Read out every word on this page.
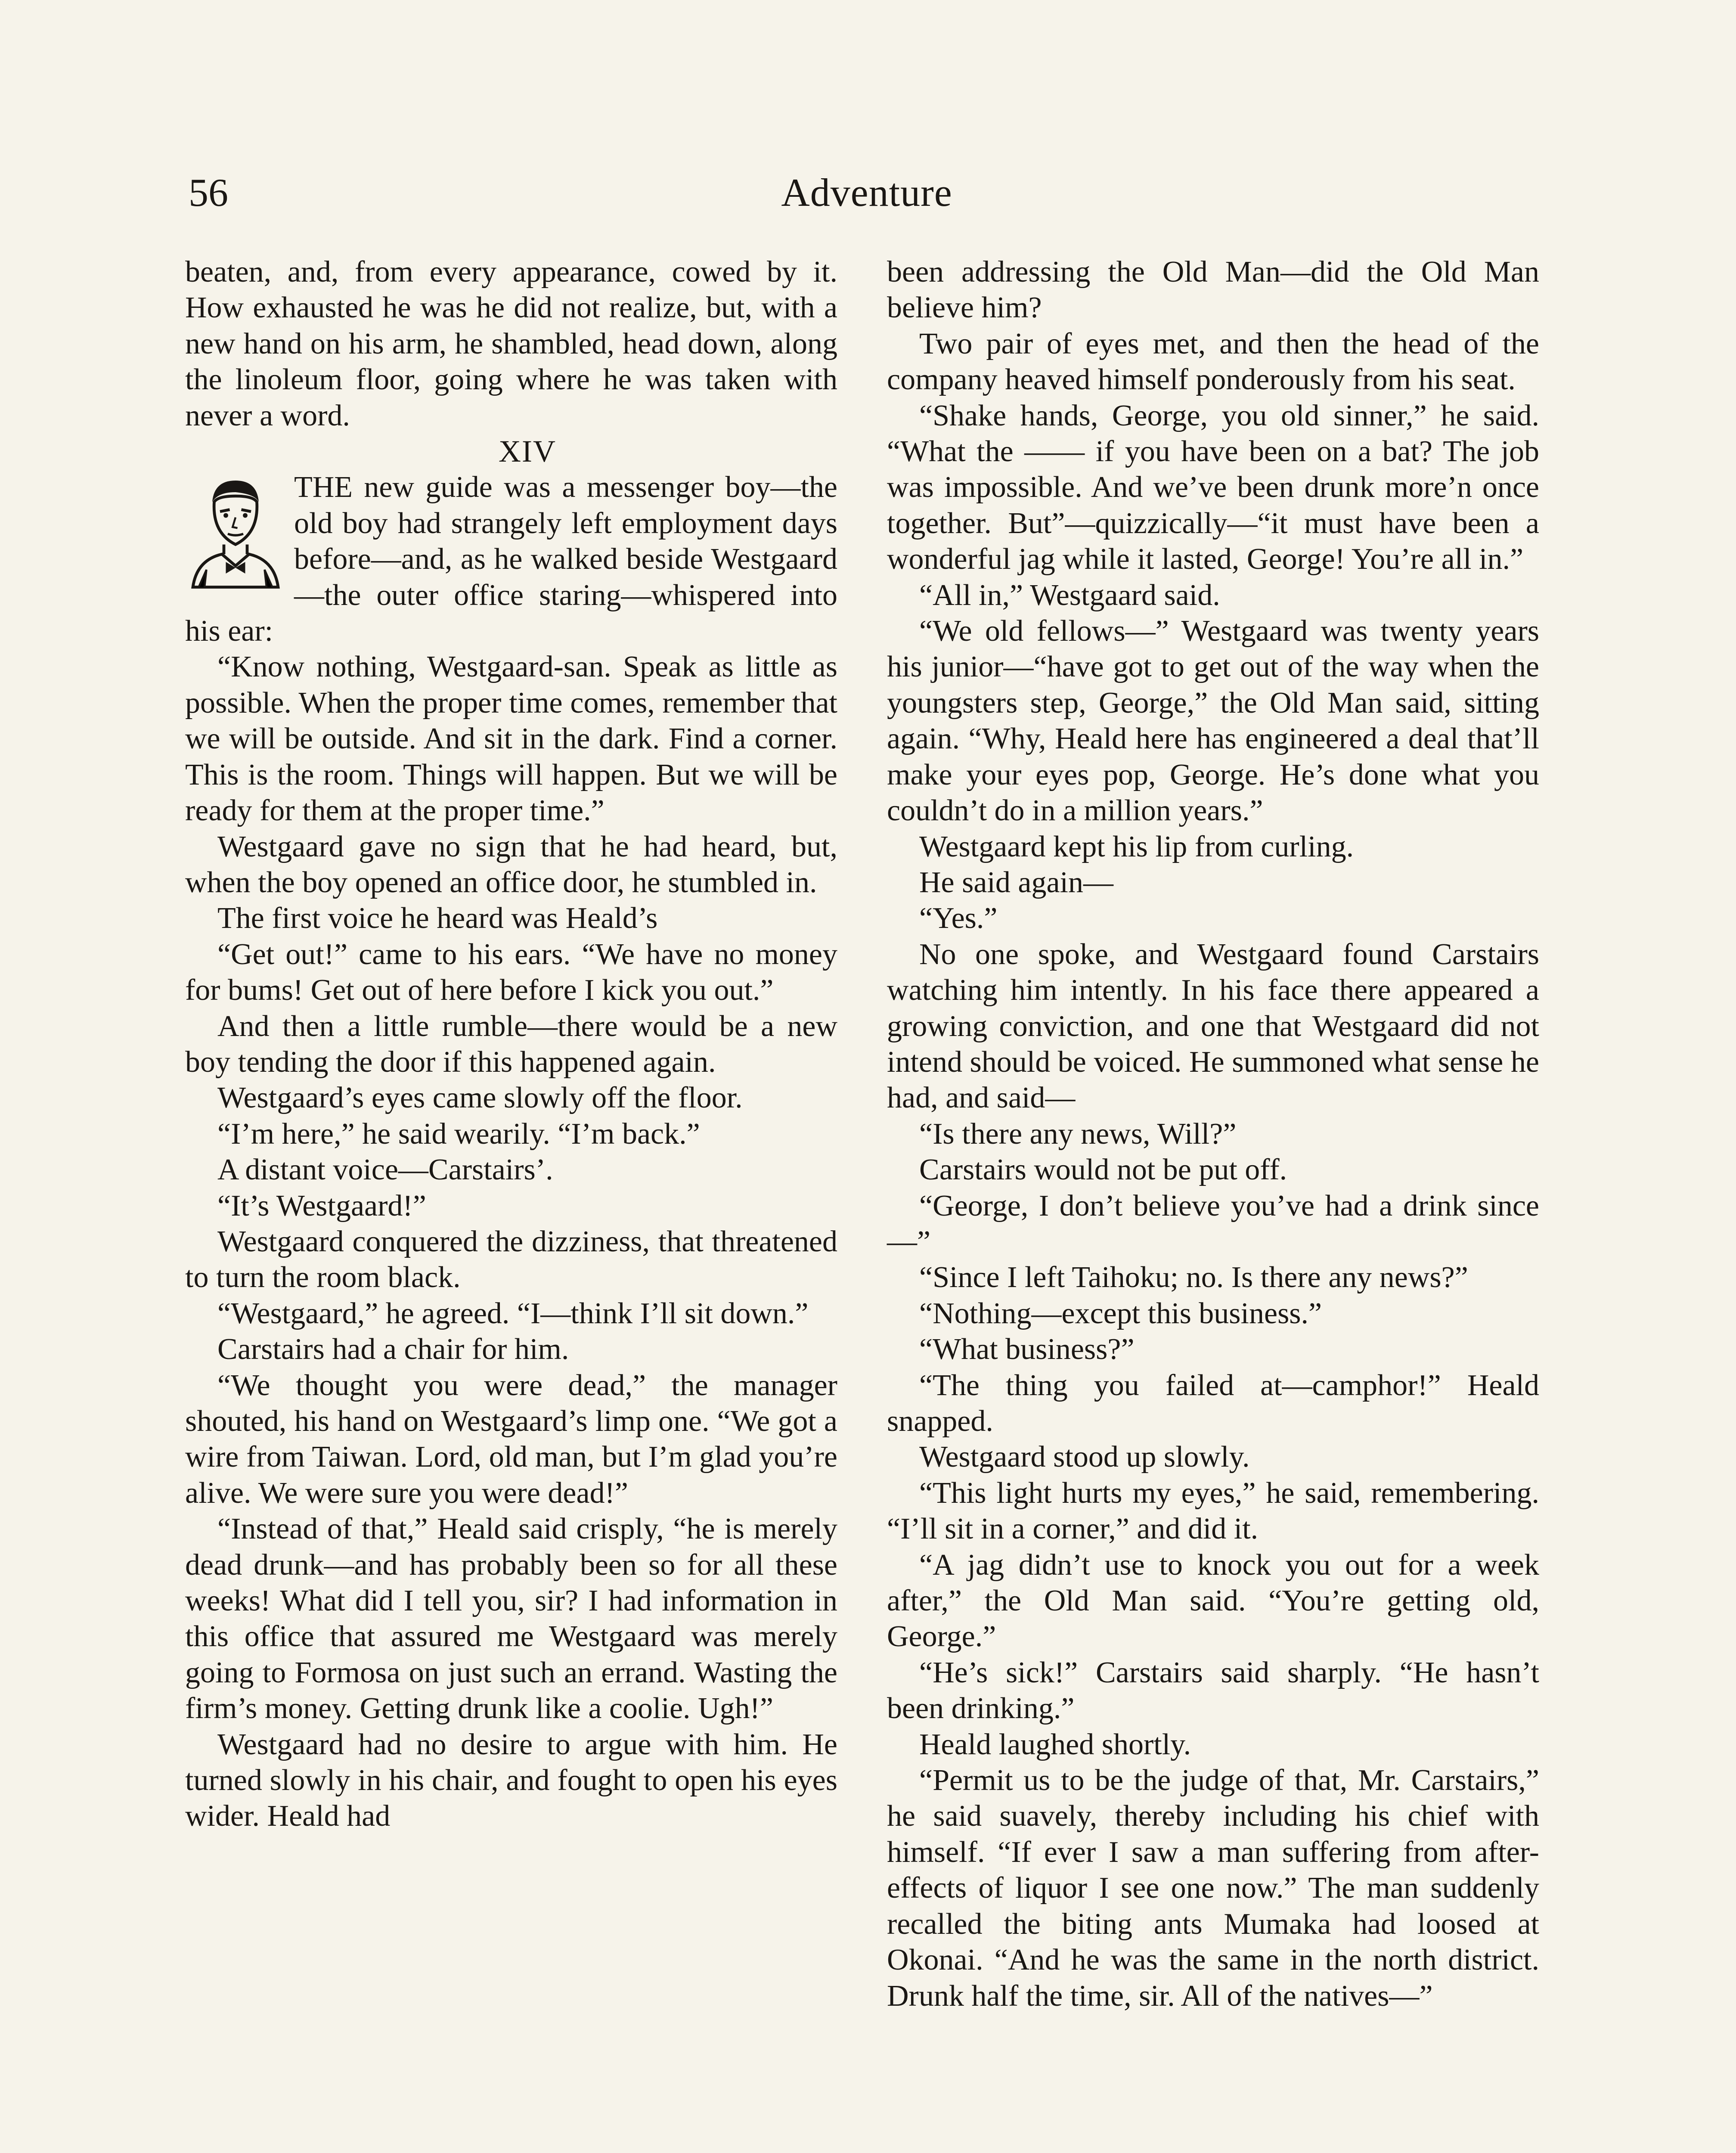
56	Adventure

beaten, and, from every appearance, cowed by it. How exhausted he was he did not realize, but, with a new hand on his arm, he shambled, head down, along the linoleum floor, going where he was taken with never a word.

XIV

THE new guide was a messenger boy—the old boy had strangely left employment days before—and, as he walked beside Westgaard—the outer office staring—whispered into his ear:

“Know nothing, Westgaard-san. Speak as little as possible. When the proper time comes, remember that we will be outside. And sit in the dark. Find a corner. This is the room. Things will happen. But we will be ready for them at the proper time.”

Westgaard gave no sign that he had heard, but, when the boy opened an office door, he stumbled in.

The first voice he heard was Heald’s

“Get out!” came to his ears. “We have no money for bums! Get out of here before I kick you out.”

And then a little rumble—there would be a new boy tending the door if this happened again.

Westgaard’s eyes came slowly off the floor.

“I’m here,” he said wearily. “I’m back.”

A distant voice—Carstairs’.

“It’s Westgaard!”

Westgaard conquered the dizziness, that threatened to turn the room black.

“Westgaard,” he agreed. “I—think I’ll sit down.”

Carstairs had a chair for him.

“We thought you were dead,” the manager shouted, his hand on Westgaard’s limp one. “We got a wire from Taiwan. Lord, old man, but I’m glad you’re alive. We were sure you were dead!”

“Instead of that,” Heald said crisply, “he is merely dead drunk—and has probably been so for all these weeks! What did I tell you, sir? I had information in this office that assured me Westgaard was merely going to Formosa on just such an errand. Wasting the firm’s money. Getting drunk like a coolie. Ugh!”

Westgaard had no desire to argue with him. He turned slowly in his chair, and fought to open his eyes wider. Heald had

been addressing the Old Man—did the Old Man believe him?

Two pair of eyes met, and then the head of the company heaved himself ponderously from his seat.

“Shake hands, George, you old sinner,” he said. “What the —— if you have been on a bat? The job was impossible. And we’ve been drunk more’n once together. But”—quizzically—“it must have been a wonderful jag while it lasted, George! You’re all in.”

“All in,” Westgaard said.

“We old fellows—” Westgaard was twenty years his junior—“have got to get out of the way when the youngsters step, George,” the Old Man said, sitting again. “Why, Heald here has engineered a deal that’ll make your eyes pop, George. He’s done what you couldn’t do in a million years.”

Westgaard kept his lip from curling.

He said again—

“Yes.”

No one spoke, and Westgaard found Carstairs watching him intently. In his face there appeared a growing conviction, and one that Westgaard did not intend should be voiced. He summoned what sense he had, and said—

“Is there any news, Will?”

Carstairs would not be put off.

“George, I don’t believe you’ve had a drink since—”

“Since I left Taihoku; no. Is there any news?”

“Nothing—except this business.”

“What business?”

“The thing you failed at—camphor!” Heald snapped.

Westgaard stood up slowly.

“This light hurts my eyes,” he said, remembering. “I’ll sit in a corner,” and did it.

“A jag didn’t use to knock you out for a week after,” the Old Man said. “You’re getting old, George.”

“He’s sick!” Carstairs said sharply. “He hasn’t been drinking.”

Heald laughed shortly.

“Permit us to be the judge of that, Mr. Carstairs,” he said suavely, thereby including his chief with himself. “If ever I saw a man suffering from after-effects of liquor I see one now.” The man suddenly recalled the biting ants Mumaka had loosed at Okonai. “And he was the same in the north district. Drunk half the time, sir. All of the natives—”
